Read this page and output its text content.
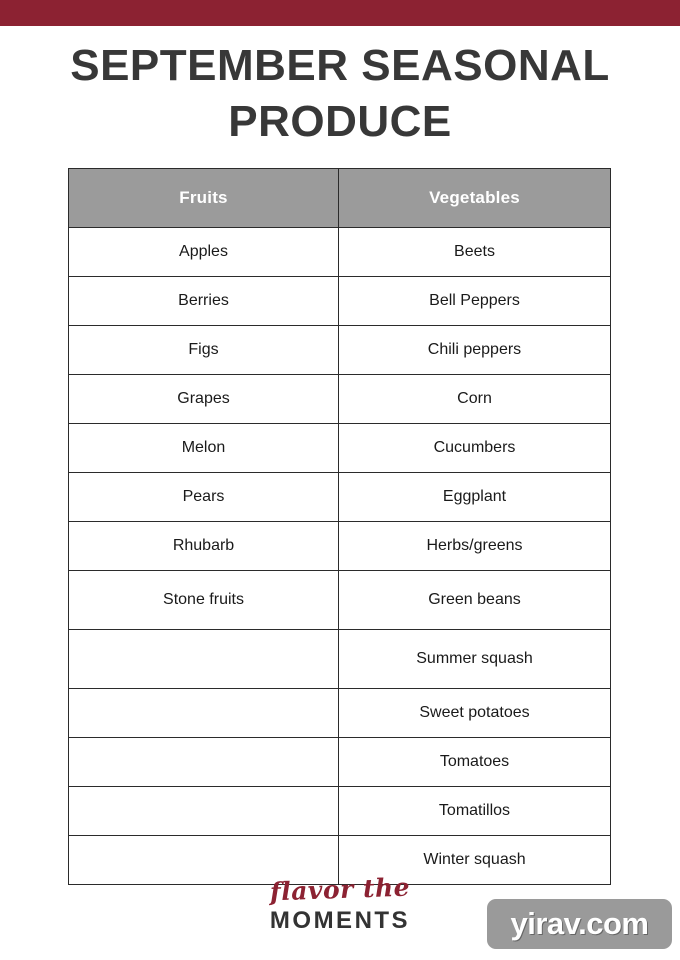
SEPTEMBER SEASONAL PRODUCE
Fruits	Vegetables
Apples	Beets
Berries	Bell Peppers
Figs	Chili peppers
Grapes	Corn
Melon	Cucumbers
Pears	Eggplant
Rhubarb	Herbs/greens
Stone fruits	Green beans
	Summer squash
	Sweet potatoes
	Tomatoes
	Tomatillos
	Winter squash
flavor the
MOMENTS	yirav.com
